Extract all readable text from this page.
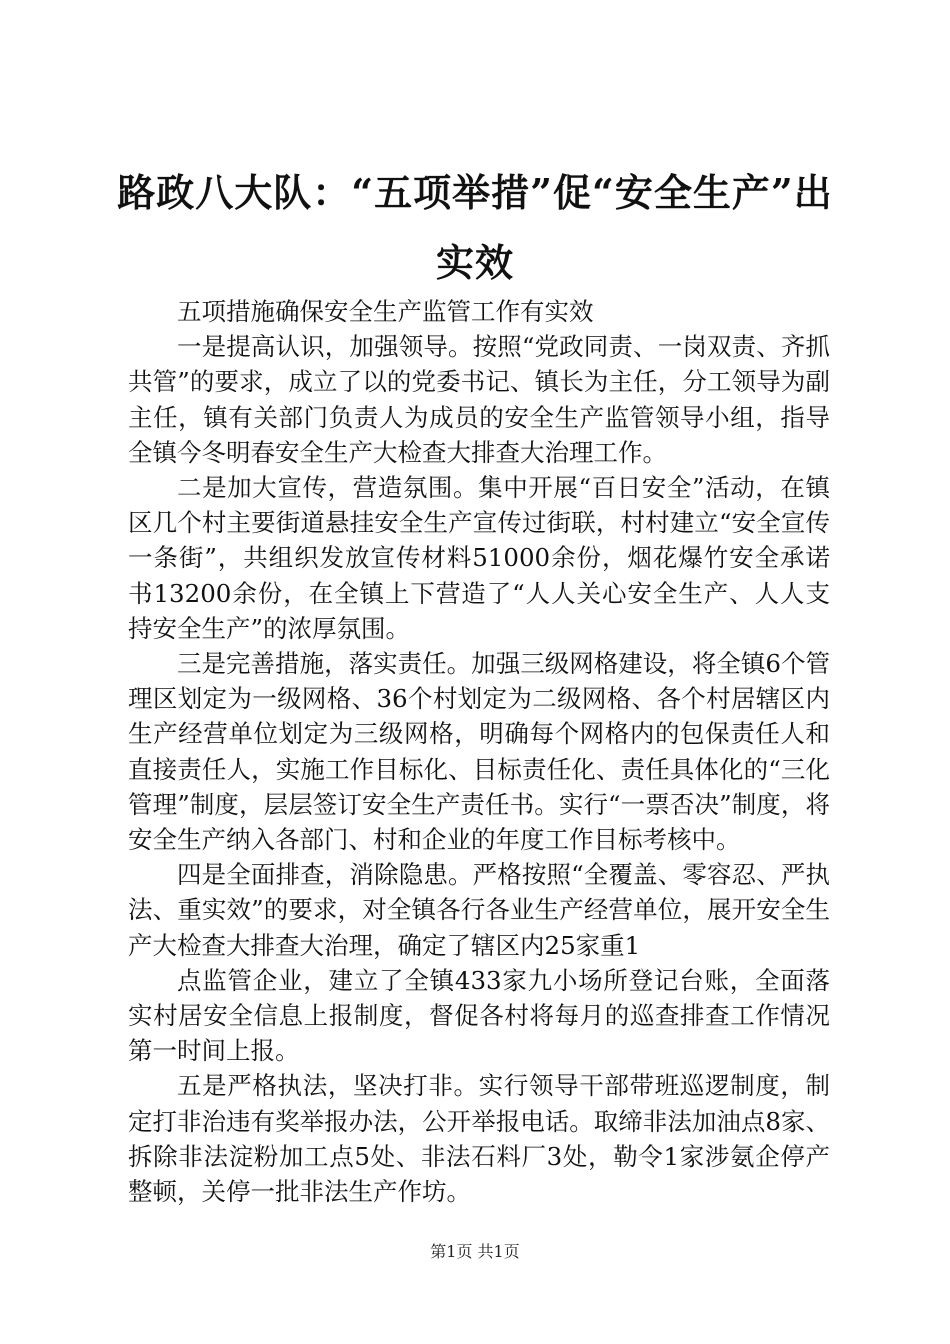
路政八大队：“五项举措”促“安全生产”出实效

五项措施确保安全生产监管工作有实效

一是提高认识，加强领导。按照“党政同责、一岗双责、齐抓共管”的要求，成立了以的党委书记、镇长为主任，分工领导为副主任，镇有关部门负责人为成员的安全生产监管领导小组，指导全镇今冬明春安全生产大检查大排查大治理工作。

二是加大宣传，营造氛围。集中开展“百日安全”活动，在镇区几个村主要街道悬挂安全生产宣传过街联，村村建立“安全宣传一条街”，共组织发放宣传材料51000余份，烟花爆竹安全承诺书13200余份，在全镇上下营造了“人人关心安全生产、人人支持安全生产”的浓厚氛围。

三是完善措施，落实责任。加强三级网格建设，将全镇6个管理区划定为一级网格、36个村划定为二级网格、各个村居辖区内生产经营单位划定为三级网格，明确每个网格内的包保责任人和直接责任人，实施工作目标化、目标责任化、责任具体化的“三化管理”制度，层层签订安全生产责任书。实行“一票否决”制度，将安全生产纳入各部门、村和企业的年度工作目标考核中。

四是全面排查，消除隐患。严格按照“全覆盖、零容忍、严执法、重实效”的要求，对全镇各行各业生产经营单位，展开安全生产大检查大排查大治理，确定了辖区内25家重1

点监管企业，建立了全镇433家九小场所登记台账，全面落实村居安全信息上报制度，督促各村将每月的巡查排查工作情况第一时间上报。

五是严格执法，坚决打非。实行领导干部带班巡逻制度，制定打非治违有奖举报办法，公开举报电话。取缔非法加油点8家、拆除非法淀粉加工点5处、非法石料厂3处，勒令1家涉氨企停产整顿，关停一批非法生产作坊。

第1页 共1页
